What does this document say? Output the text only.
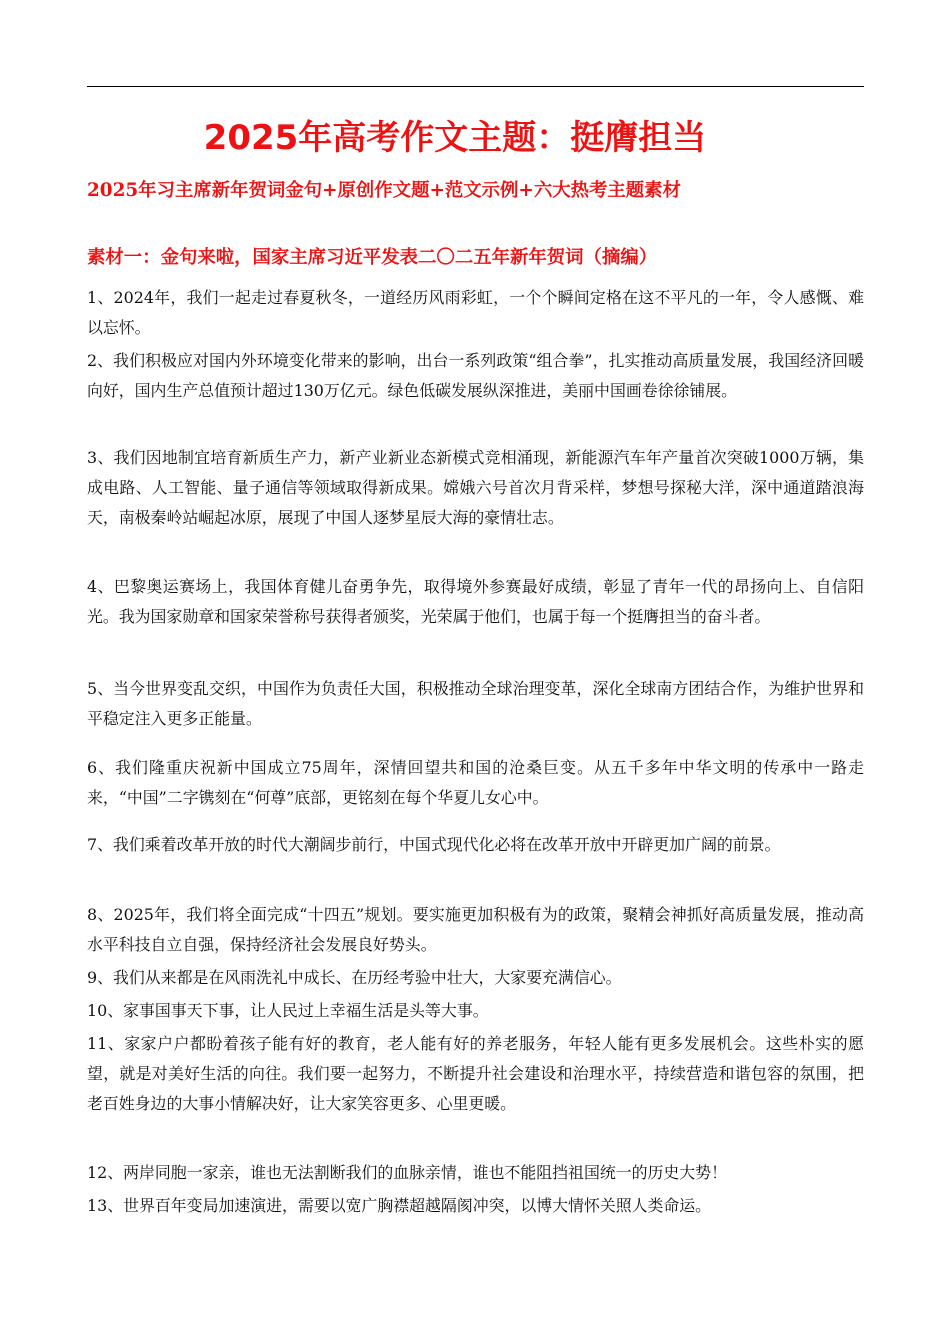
2025年高考作文主题：挺膺担当
2025年习主席新年贺词金句+原创作文题+范文示例+六大热考主题素材
素材一：金句来啦，国家主席习近平发表二〇二五年新年贺词（摘编）
1、2024年，我们一起走过春夏秋冬，一道经历风雨彩虹，一个个瞬间定格在这不平凡的一年，令人感慨、难以忘怀。
2、我们积极应对国内外环境变化带来的影响，出台一系列政策“组合拳”，扎实推动高质量发展，我国经济回暖向好，国内生产总值预计超过130万亿元。绿色低碳发展纵深推进，美丽中国画卷徐徐铺展。
3、我们因地制宜培育新质生产力，新产业新业态新模式竞相涌现，新能源汽车年产量首次突破1000万辆，集成电路、人工智能、量子通信等领域取得新成果。嫦娥六号首次月背采样，梦想号探秘大洋，深中通道踏浪海天，南极秦岭站崛起冰原，展现了中国人逐梦星辰大海的豪情壮志。
4、巴黎奥运赛场上，我国体育健儿奋勇争先，取得境外参赛最好成绩，彰显了青年一代的昂扬向上、自信阳光。我为国家勋章和国家荣誉称号获得者颁奖，光荣属于他们，也属于每一个挺膺担当的奋斗者。
5、当今世界变乱交织，中国作为负责任大国，积极推动全球治理变革，深化全球南方团结合作，为维护世界和平稳定注入更多正能量。
6、我们隆重庆祝新中国成立75周年，深情回望共和国的沧桑巨变。从五千多年中华文明的传承中一路走来，“中国”二字镌刻在“何尊”底部，更铭刻在每个华夏儿女心中。
7、我们乘着改革开放的时代大潮阔步前行，中国式现代化必将在改革开放中开辟更加广阔的前景。
8、2025年，我们将全面完成“十四五”规划。要实施更加积极有为的政策，聚精会神抓好高质量发展，推动高水平科技自立自强，保持经济社会发展良好势头。
9、我们从来都是在风雨洗礼中成长、在历经考验中壮大，大家要充满信心。
10、家事国事天下事，让人民过上幸福生活是头等大事。
11、家家户户都盼着孩子能有好的教育，老人能有好的养老服务，年轻人能有更多发展机会。这些朴实的愿望，就是对美好生活的向往。我们要一起努力，不断提升社会建设和治理水平，持续营造和谐包容的氛围，把老百姓身边的大事小情解决好，让大家笑容更多、心里更暖。
12、两岸同胞一家亲，谁也无法割断我们的血脉亲情，谁也不能阻挡祖国统一的历史大势！
13、世界百年变局加速演进，需要以宽广胸襟超越隔阂冲突，以博大情怀关照人类命运。
